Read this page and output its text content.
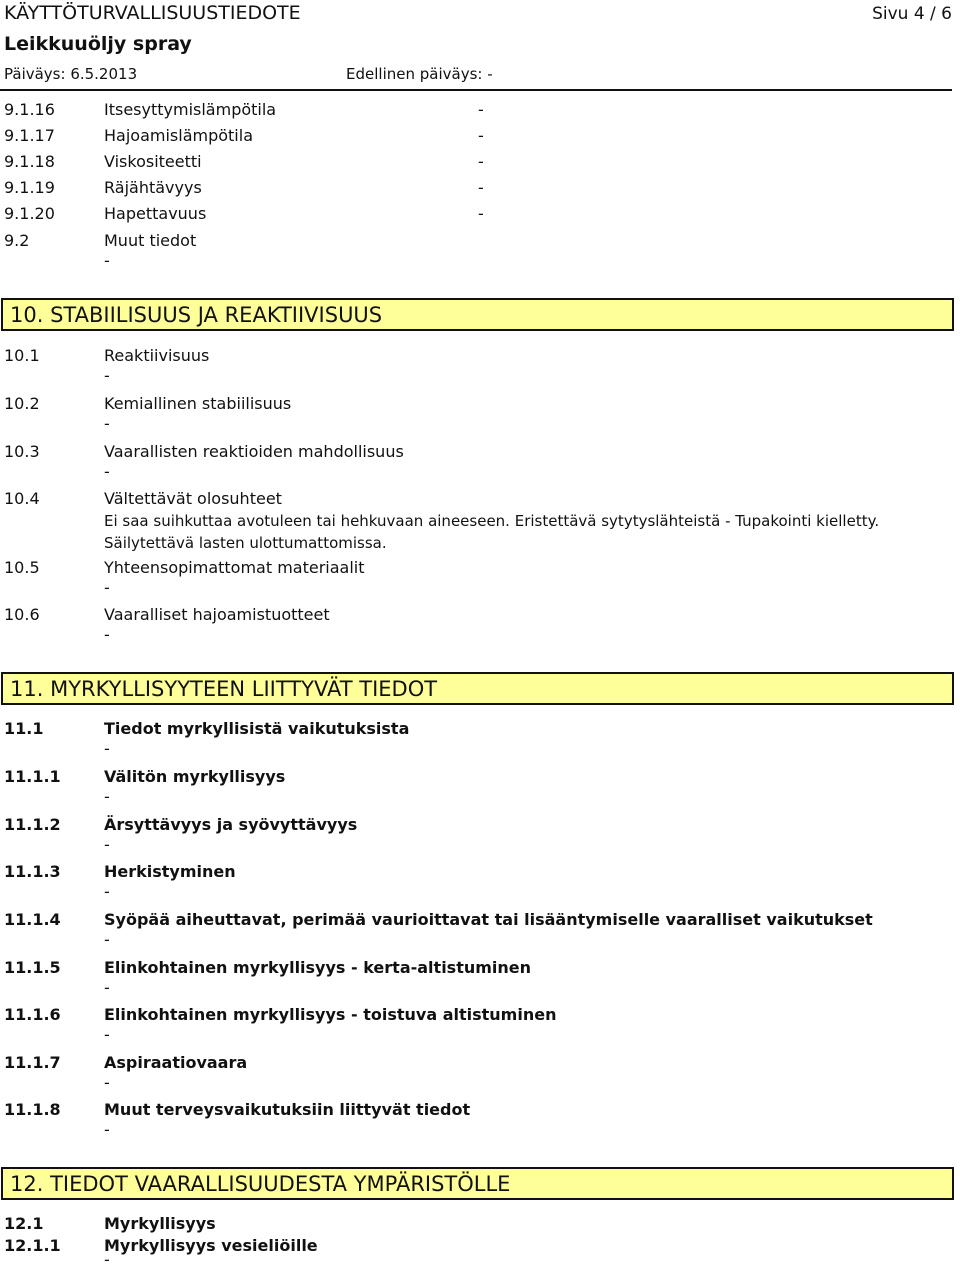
KÄYTTÖTURVALLISUUSTIEDOTE	Sivu 4 / 6
Leikkuuöljy spray
Päiväys: 6.5.2013	Edellinen päiväys: -
9.1.16	Itsesyttymislämpötila	-
9.1.17	Hajoamislämpötila	-
9.1.18	Viskositeetti	-
9.1.19	Räjähtävyys	-
9.1.20	Hapettavuus	-
9.2	Muut tiedot
-
10. STABIILISUUS JA REAKTIIVISUUS
10.1	Reaktiivisuus
-
10.2	Kemiallinen stabiilisuus
-
10.3	Vaarallisten reaktioiden mahdollisuus
-
10.4	Vältettävät olosuhteet
Ei saa suihkuttaa avotuleen tai hehkuvaan aineeseen. Eristettävä sytytyslähteistä - Tupakointi kielletty.
Säilytettävä lasten ulottumattomissa.
10.5	Yhteensopimattomat materiaalit
-
10.6	Vaaralliset hajoamistuotteet
-
11. MYRKYLLISYYTEEN LIITTYVÄT TIEDOT
11.1	Tiedot myrkyllisistä vaikutuksista
-
11.1.1	Välitön myrkyllisyys
-
11.1.2	Ärsyttävyys ja syövyttävyys
-
11.1.3	Herkistyminen
-
11.1.4	Syöpää aiheuttavat, perimää vaurioittavat tai lisääntymiselle vaaralliset vaikutukset
-
11.1.5	Elinkohtainen myrkyllisyys - kerta-altistuminen
-
11.1.6	Elinkohtainen myrkyllisyys - toistuva altistuminen
-
11.1.7	Aspiraatiovaara
-
11.1.8	Muut terveysvaikutuksiin liittyvät tiedot
-
12. TIEDOT VAARALLISUUDESTA YMPÄRISTÖLLE
12.1	Myrkyllisyys
12.1.1	Myrkyllisyys vesieliöille
-
